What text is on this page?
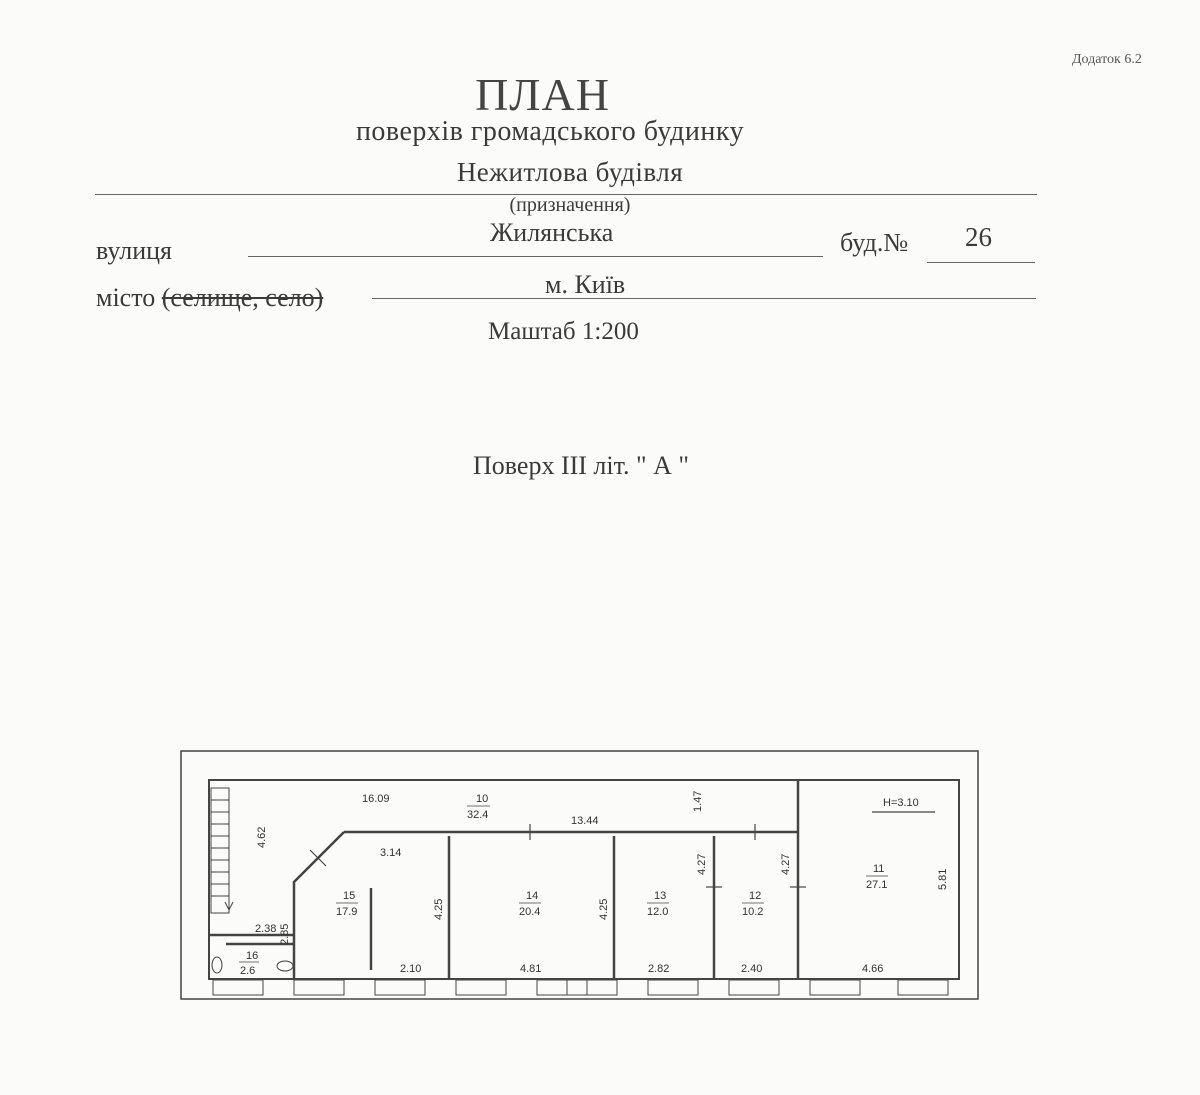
Додаток 6.2
ПЛАН
поверхів громадського будинку
Нежитлова будівля
(призначення)
вулиця
Жилянська	буд.№ 26
місто (селище, село)	м. Київ
Маштаб 1:200
Поверх ІІІ літ. " А "
16.09
13.44
1.47
4.62
3.14
4.25
2.85
2.38
2.10	4.81
4.25
2.82
4.27
2.40
4.27
4.66
5.81
H=3.10
10
32.4
11
27.1
12
10.2
13
12.0
14
20.4
15
17.9
16
2.6
